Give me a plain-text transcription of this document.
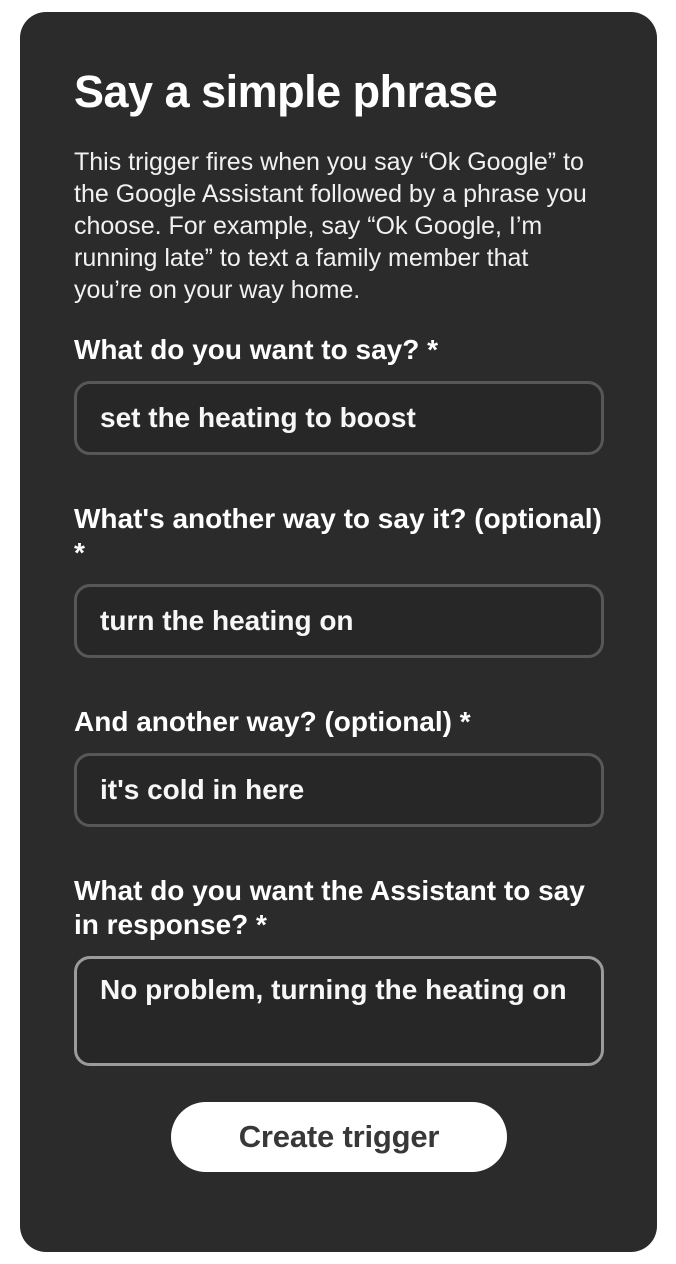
Say a simple phrase

This trigger fires when you say “Ok Google” to the Google Assistant followed by a phrase you choose. For example, say “Ok Google, I’m running late” to text a family member that you’re on your way home.

What do you want to say? *
set the heating to boost
What's another way to say it? (optional) *
turn the heating on
And another way? (optional) *
it's cold in here
What do you want the Assistant to say in response? *
No problem, turning the heating on
Create trigger
